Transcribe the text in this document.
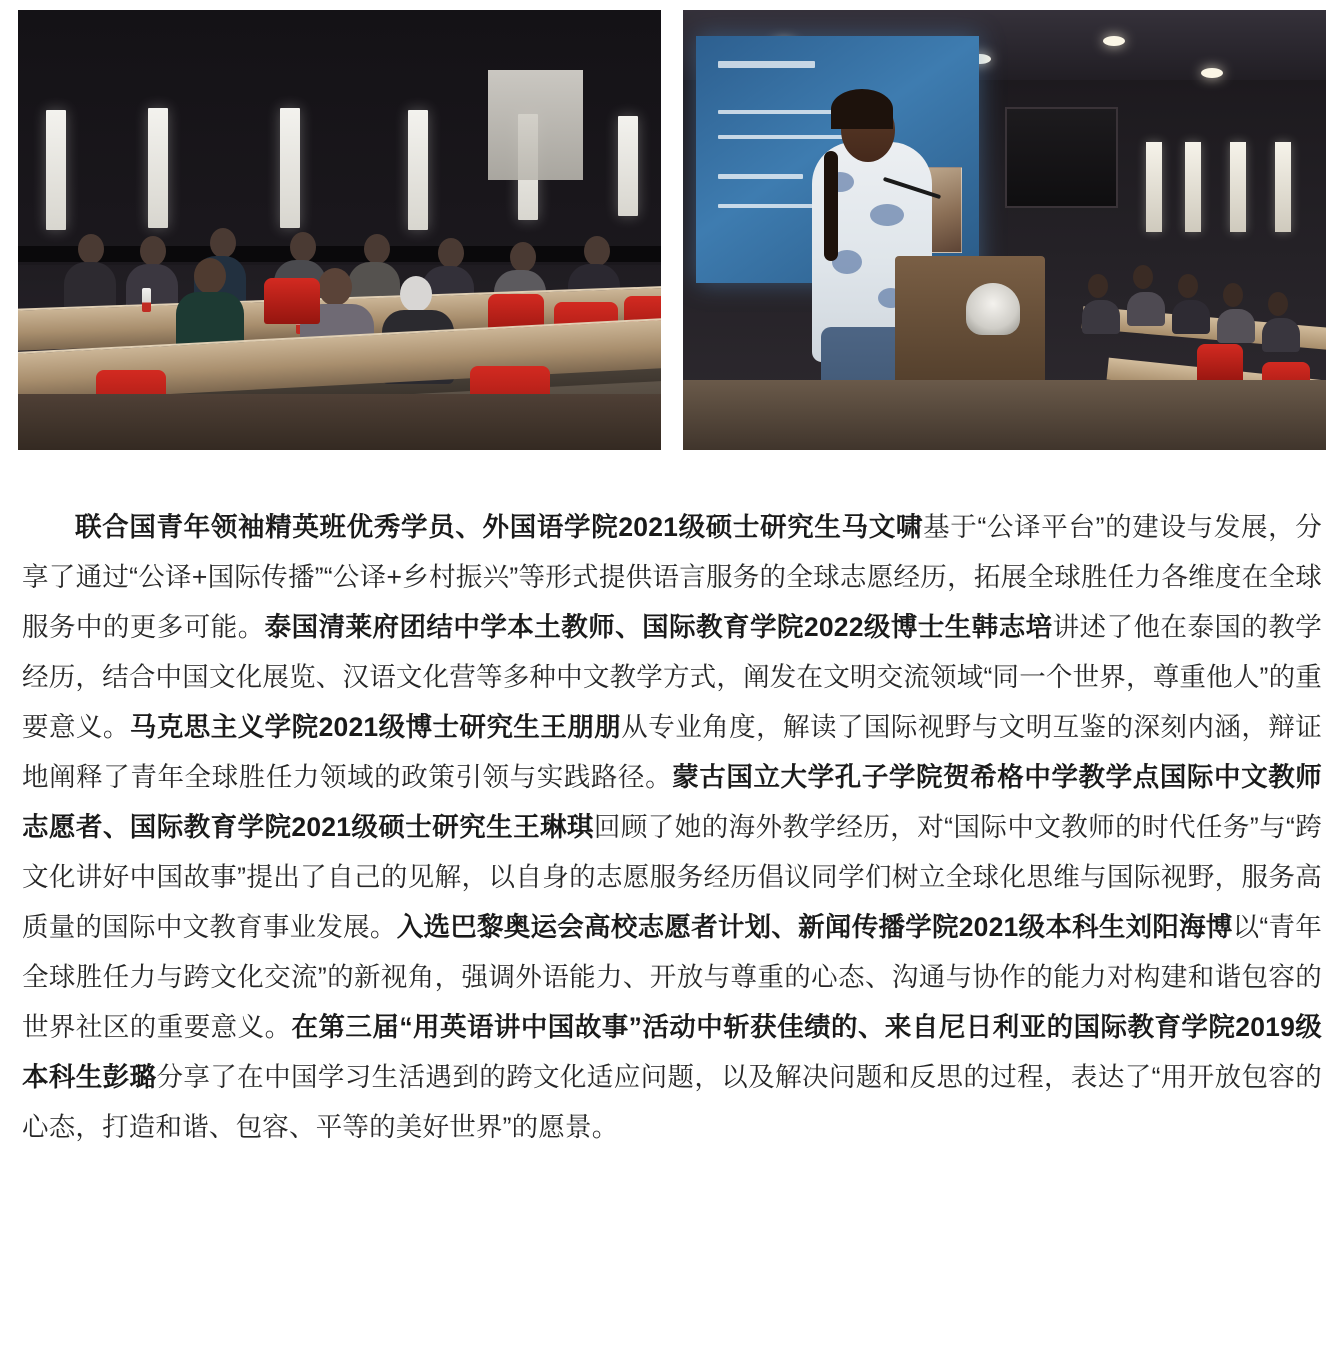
联合国青年领袖精英班优秀学员、外国语学院2021级硕士研究生马文啸基于“公译平台”的建设与发展，分享了通过“公译+国际传播”“公译+乡村振兴”等形式提供语言服务的全球志愿经历，拓展全球胜任力各维度在全球服务中的更多可能。泰国清莱府团结中学本土教师、国际教育学院2022级博士生韩志培讲述了他在泰国的教学经历，结合中国文化展览、汉语文化营等多种中文教学方式，阐发在文明交流领域“同一个世界，尊重他人”的重要意义。马克思主义学院2021级博士研究生王朋朋从专业角度，解读了国际视野与文明互鉴的深刻内涵，辩证地阐释了青年全球胜任力领域的政策引领与实践路径。蒙古国立大学孔子学院贺希格中学教学点国际中文教师志愿者、国际教育学院2021级硕士研究生王琳琪回顾了她的海外教学经历，对“国际中文教师的时代任务”与“跨文化讲好中国故事”提出了自己的见解，以自身的志愿服务经历倡议同学们树立全球化思维与国际视野，服务高质量的国际中文教育事业发展。入选巴黎奥运会高校志愿者计划、新闻传播学院2021级本科生刘阳海博以“青年全球胜任力与跨文化交流”的新视角，强调外语能力、开放与尊重的心态、沟通与协作的能力对构建和谐包容的世界社区的重要意义。在第三届“用英语讲中国故事”活动中斩获佳绩的、来自尼日利亚的国际教育学院2019级本科生彭璐分享了在中国学习生活遇到的跨文化适应问题，以及解决问题和反思的过程，表达了“用开放包容的心态，打造和谐、包容、平等的美好世界”的愿景。
